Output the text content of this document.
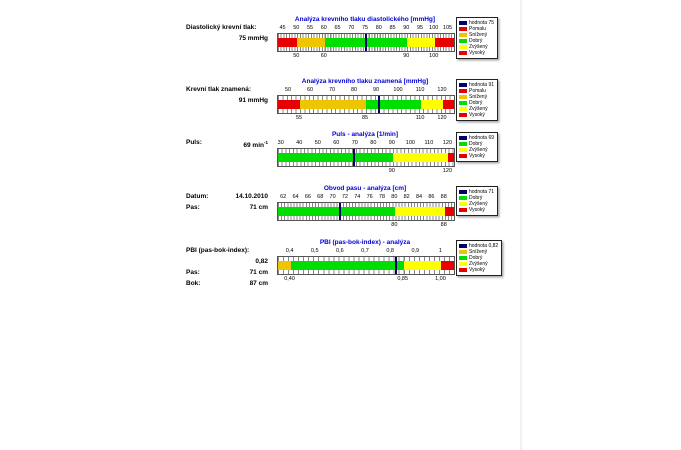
Diastolický krevní tlak:
75 mmHg
Analýza krevního tlaku diastolického [mmHg]
45 50 55 60 65 70 75 80 85 90 95 100 105
50	60	90	100
hodnota 75
Pomalu
Snížený
Dobrý
Zvýšený
Vysoký
Krevní tlak znamená:
91 mmHg
Analýza krevního tlaku znamená [mmHg]
50	60	70	80	90	100 110 120
55	85	110 120
hodnota 91
Pomalu
Snížený
Dobrý
Zvýšený
Vysoký
Puls:	69 $\min^{-1}$
Puls - analýza [1/min]
30 40 50 60 70 80 90 100 110 120
90	120
hodnota 69
Dobrý
Zvýšený
Vysoký
Datum:	14.10.2010
Pas:	71 cm
Obvod pasu - analýza [cm]
62 64 66 68 70 72 74 76 78 80 82 84 86 88
80	88
hodnota 71
Dobrý
Zvýšený
Vysoký
PBI (pas-bok-index):
0,82
Pas:	71 cm
Bok:	87 cm
PBI (pas-bok-index) - analýza
0,4	0,5	0,6	0,7	0,8	0,9	1
0,40	0,85	1,00
hodnota 0,82
Snížený
Dobrý
Zvýšený
Vysoký
